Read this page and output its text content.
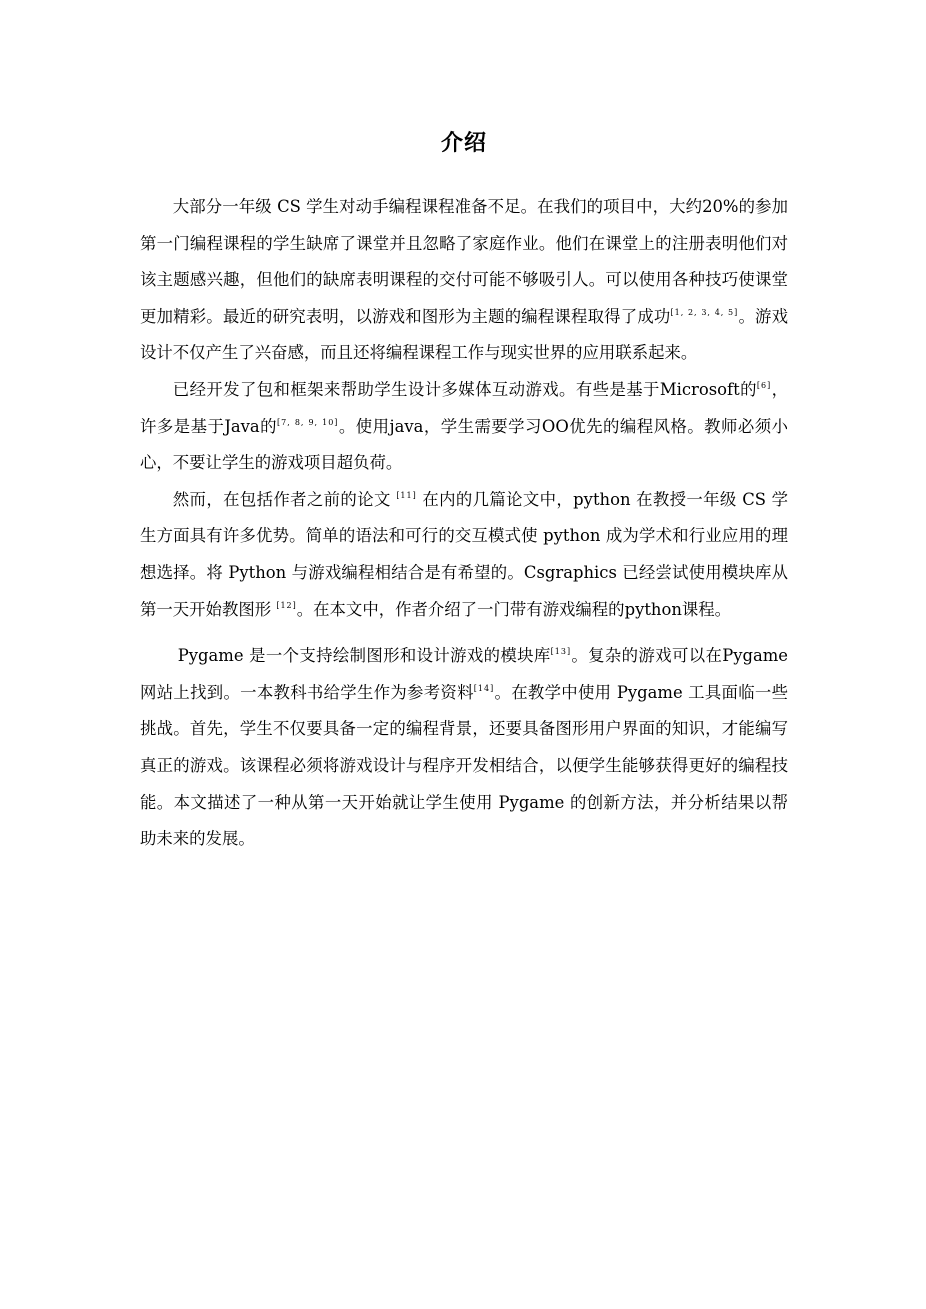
介绍

大部分一年级 CS 学生对动手编程课程准备不足。在我们的项目中，大约20%的参加第一门编程课程的学生缺席了课堂并且忽略了家庭作业。他们在课堂上的注册表明他们对该主题感兴趣，但他们的缺席表明课程的交付可能不够吸引人。可以使用各种技巧使课堂更加精彩。最近的研究表明，以游戏和图形为主题的编程课程取得了成功[1, 2, 3, 4, 5]。游戏设计不仅产生了兴奋感，而且还将编程课程工作与现实世界的应用联系起来。

已经开发了包和框架来帮助学生设计多媒体互动游戏。有些是基于Microsoft的[6]，许多是基于Java的[7, 8, 9, 10]。使用java，学生需要学习OO优先的编程风格。教师必须小心，不要让学生的游戏项目超负荷。

然而，在包括作者之前的论文 [11] 在内的几篇论文中，python 在教授一年级 CS 学生方面具有许多优势。简单的语法和可行的交互模式使 python 成为学术和行业应用的理想选择。将 Python 与游戏编程相结合是有希望的。Csgraphics 已经尝试使用模块库从第一天开始教图形 [12]。在本文中，作者介绍了一门带有游戏编程的python课程。

Pygame 是一个支持绘制图形和设计游戏的模块库[13]。复杂的游戏可以在Pygame 网站上找到。一本教科书给学生作为参考资料[14]。在教学中使用 Pygame 工具面临一些挑战。首先，学生不仅要具备一定的编程背景，还要具备图形用户界面的知识，才能编写真正的游戏。该课程必须将游戏设计与程序开发相结合，以便学生能够获得更好的编程技能。本文描述了一种从第一天开始就让学生使用 Pygame 的创新方法，并分析结果以帮助未来的发展。
